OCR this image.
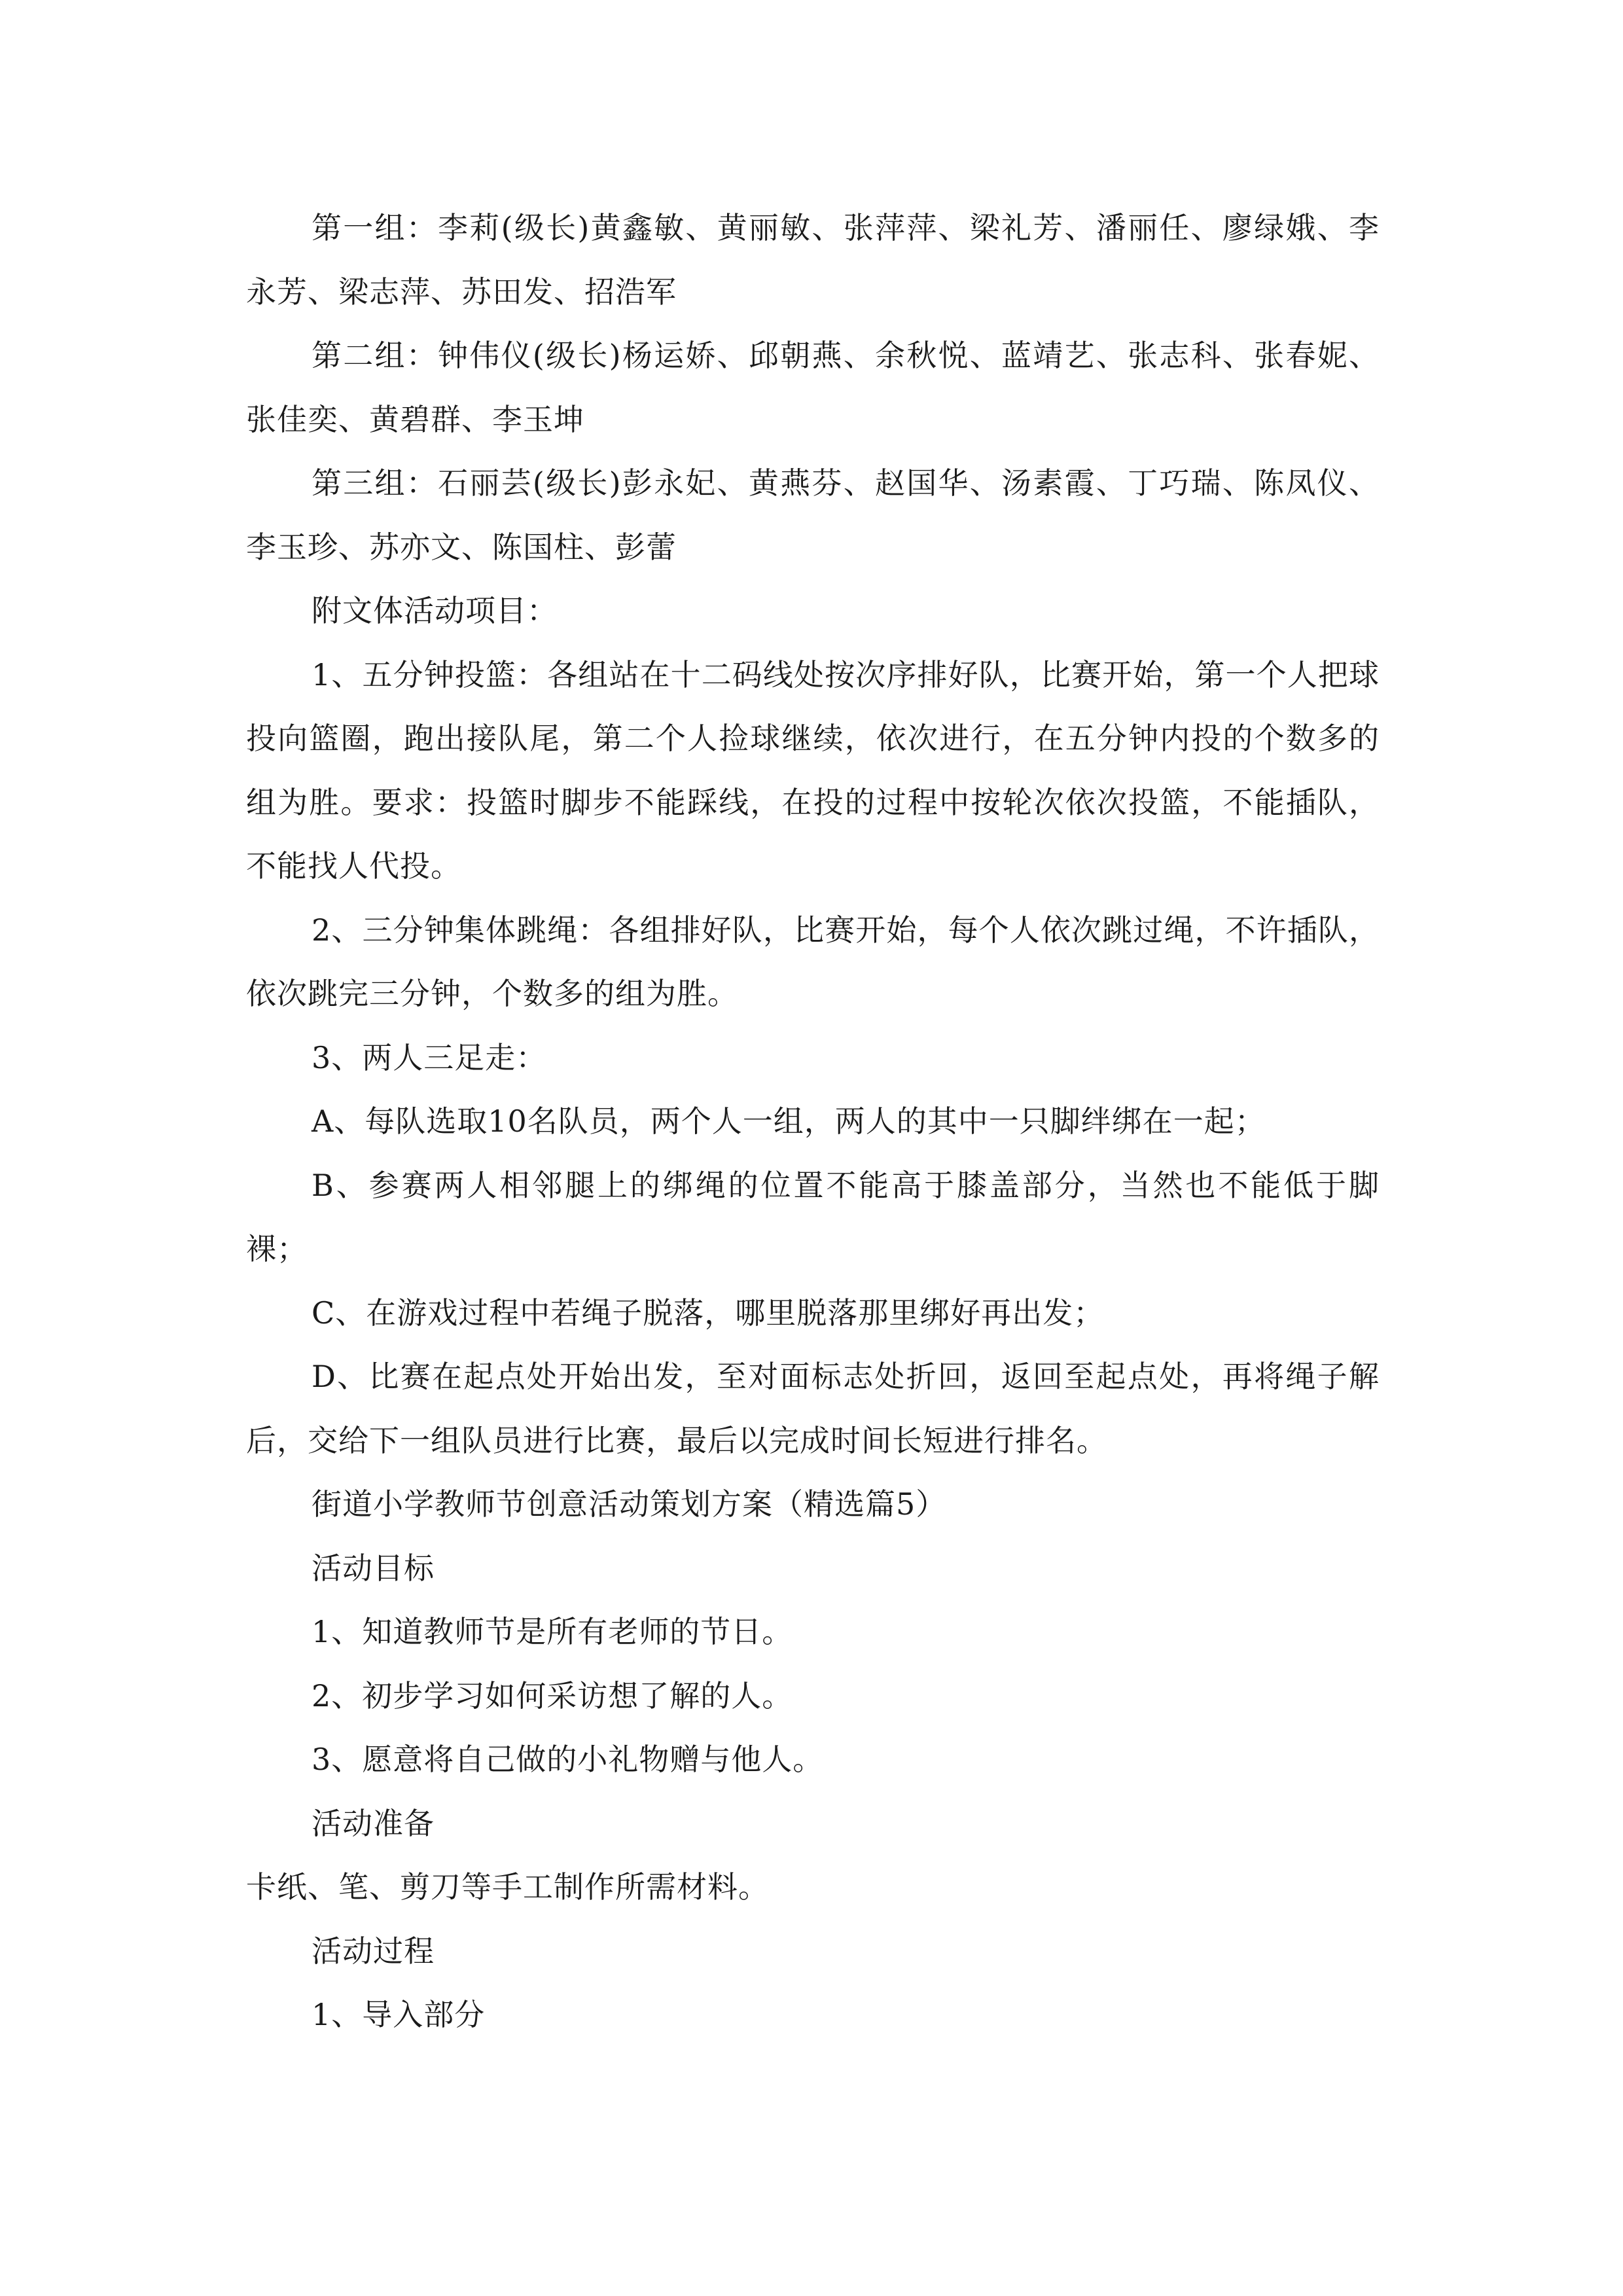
第一组：李莉(级长)黄鑫敏、黄丽敏、张萍萍、梁礼芳、潘丽任、廖绿娥、李永芳、梁志萍、苏田发、招浩军

第二组：钟伟仪(级长)杨运娇、邱朝燕、余秋悦、蓝靖艺、张志科、张春妮、张佳奕、黄碧群、李玉坤

第三组：石丽芸(级长)彭永妃、黄燕芬、赵国华、汤素霞、丁巧瑞、陈凤仪、李玉珍、苏亦文、陈国柱、彭蕾

附文体活动项目：

1、五分钟投篮：各组站在十二码线处按次序排好队，比赛开始，第一个人把球投向篮圈，跑出接队尾，第二个人捡球继续，依次进行，在五分钟内投的个数多的组为胜。要求：投篮时脚步不能踩线，在投的过程中按轮次依次投篮，不能插队，不能找人代投。

2、三分钟集体跳绳：各组排好队，比赛开始，每个人依次跳过绳，不许插队，依次跳完三分钟，个数多的组为胜。

3、两人三足走：

A、每队选取10名队员，两个人一组，两人的其中一只脚绊绑在一起；

B、参赛两人相邻腿上的绑绳的位置不能高于膝盖部分，当然也不能低于脚裸；

C、在游戏过程中若绳子脱落，哪里脱落那里绑好再出发；

D、比赛在起点处开始出发，至对面标志处折回，返回至起点处，再将绳子解后，交给下一组队员进行比赛，最后以完成时间长短进行排名。

街道小学教师节创意活动策划方案（精选篇5）

活动目标

1、知道教师节是所有老师的节日。

2、初步学习如何采访想了解的人。

3、愿意将自己做的小礼物赠与他人。

活动准备

卡纸、笔、剪刀等手工制作所需材料。

活动过程

1、导入部分
